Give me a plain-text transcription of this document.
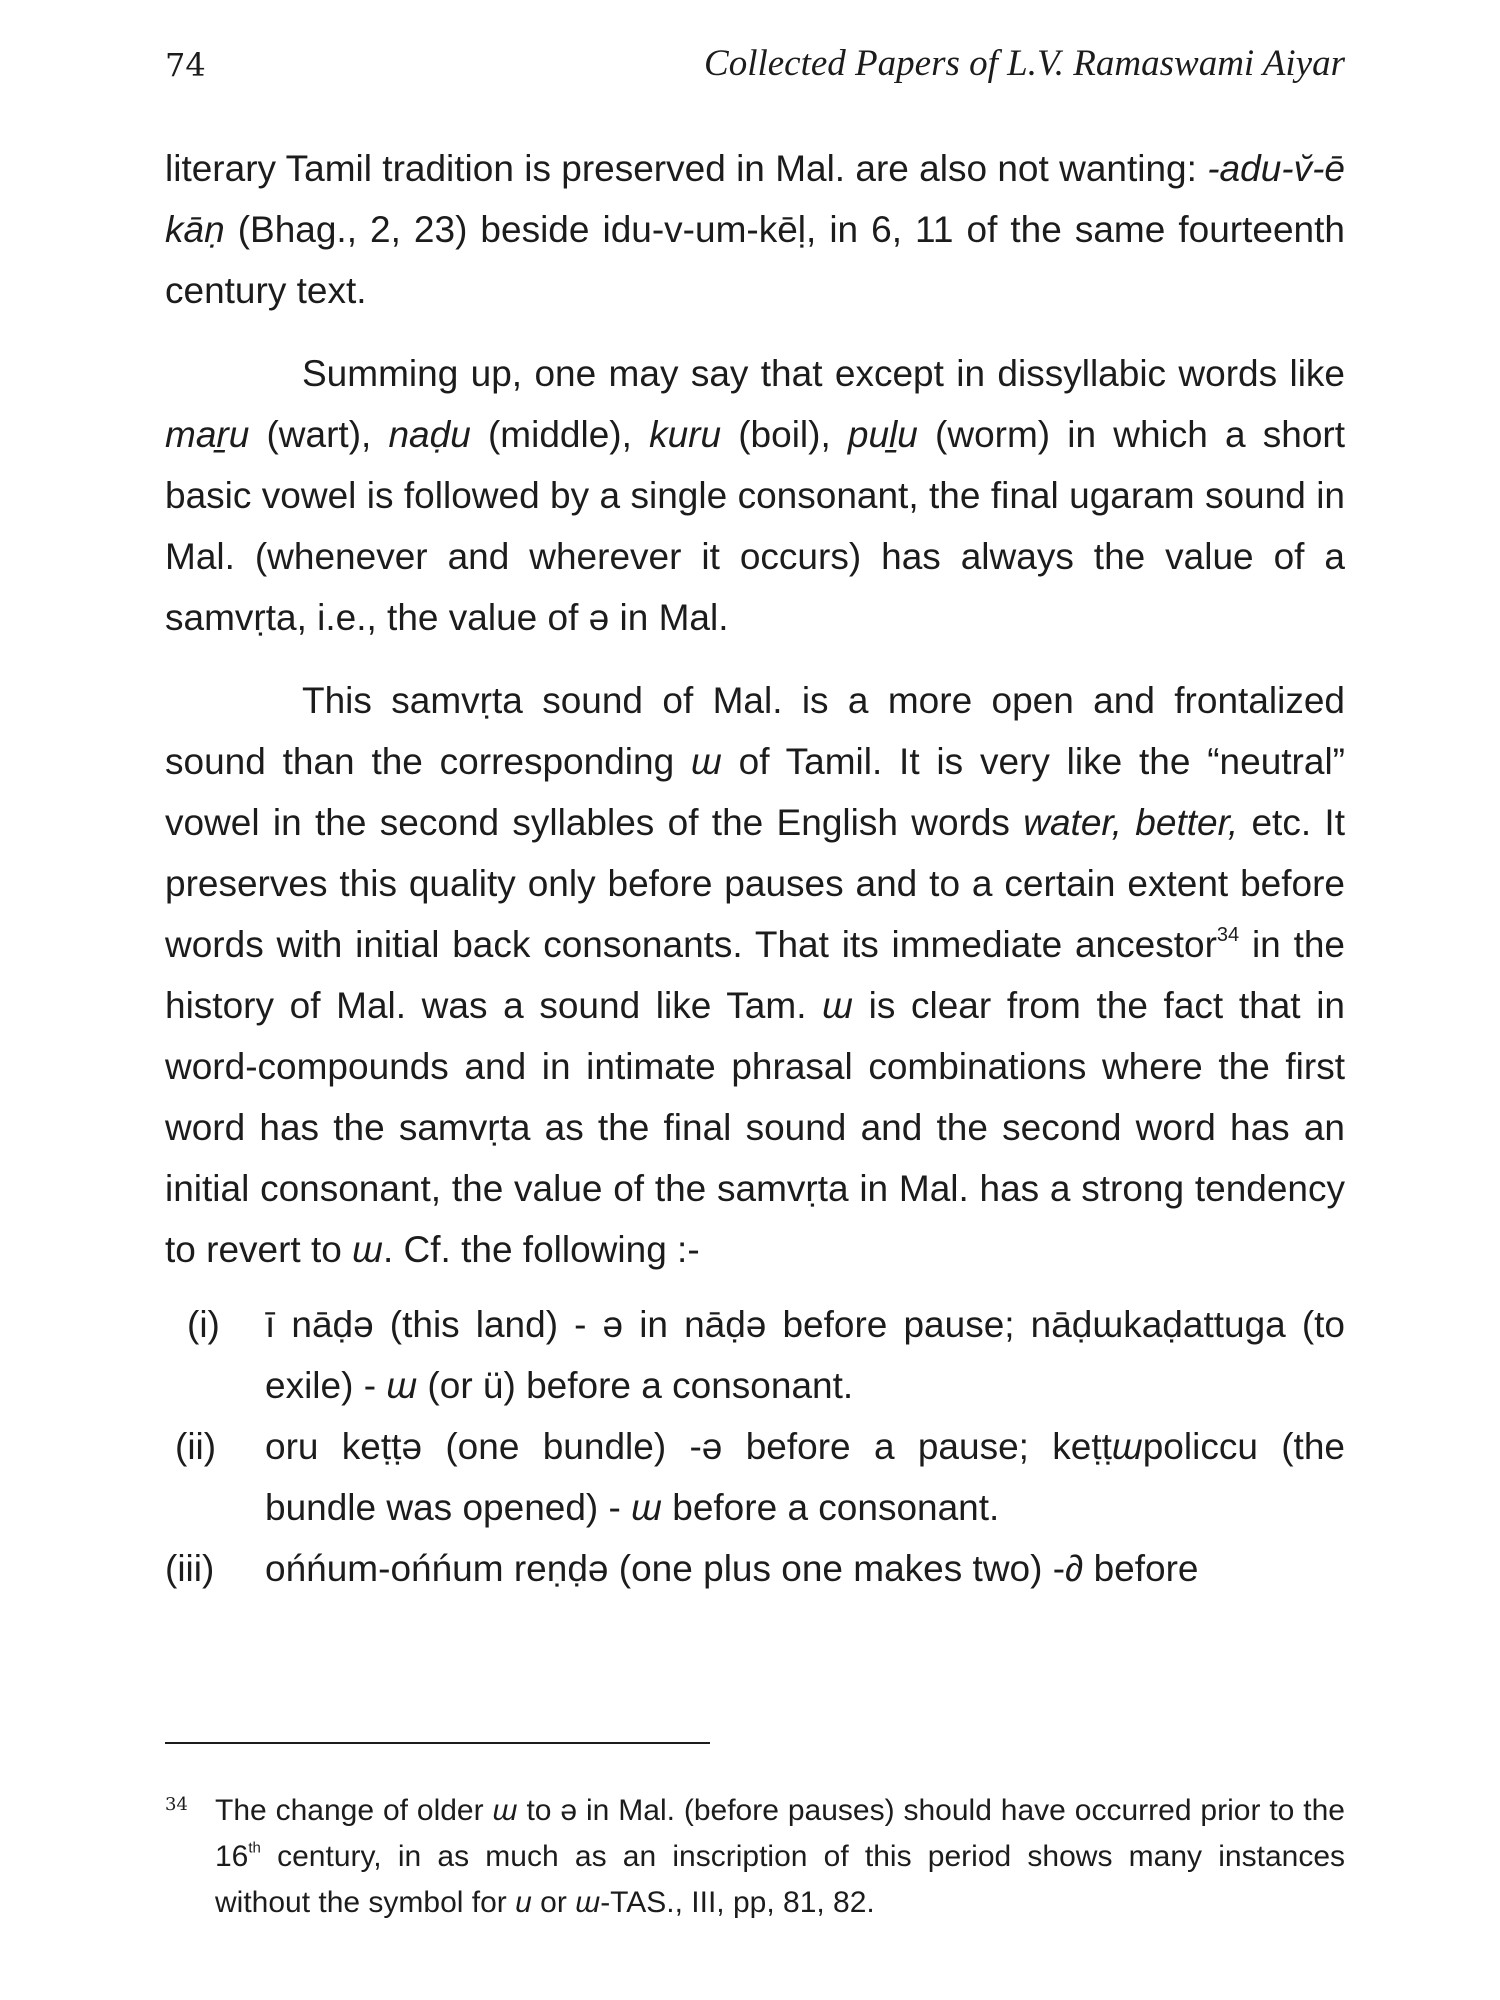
74	Collected Papers of L.V. Ramaswami Aiyar

literary Tamil tradition is preserved in Mal. are also not wanting: -adu-v̆-ē kāṇ (Bhag., 2, 23) beside idu-v-um-kēḷ, in 6, 11 of the same fourteenth century text.

Summing up, one may say that except in dissyllabic words like maṟu (wart), naḍu (middle), kuru (boil), puḻu (worm) in which a short basic vowel is followed by a single consonant, the final ugaram sound in Mal. (whenever and wherever it occurs) has always the value of a samvṛta, i.e., the value of ə in Mal.

This samvṛta sound of Mal. is a more open and frontalized sound than the corresponding ɯ of Tamil. It is very like the “neutral” vowel in the second syllables of the English words water, better, etc. It preserves this quality only before pauses and to a certain extent before words with initial back consonants. That its immediate ancestor$^{34}$ in the history of Mal. was a sound like Tam. ɯ is clear from the fact that in word-compounds and in intimate phrasal combinations where the first word has the samvṛta as the final sound and the second word has an initial consonant, the value of the samvṛta in Mal. has a strong tendency to revert to ɯ. Cf. the following :-

(i)	ī nāḍə (this land) - ə in nāḍə before pause; nāḍɯkaḍattuga (to exile) - ɯ (or ü) before a consonant.
(ii)	oru keṭṭə (one bundle) -ə before a pause; keṭṭɯpoliccu (the bundle was opened) - ɯ before a consonant.
(iii)	ońńum-ońńum reṇḍə (one plus one makes two) -∂ before
34 The change of older ɯ to ə in Mal. (before pauses) should have occurred prior to the 16th century, in as much as an inscription of this period shows many instances without the symbol for u or ɯ-TAS., III, pp, 81, 82.
